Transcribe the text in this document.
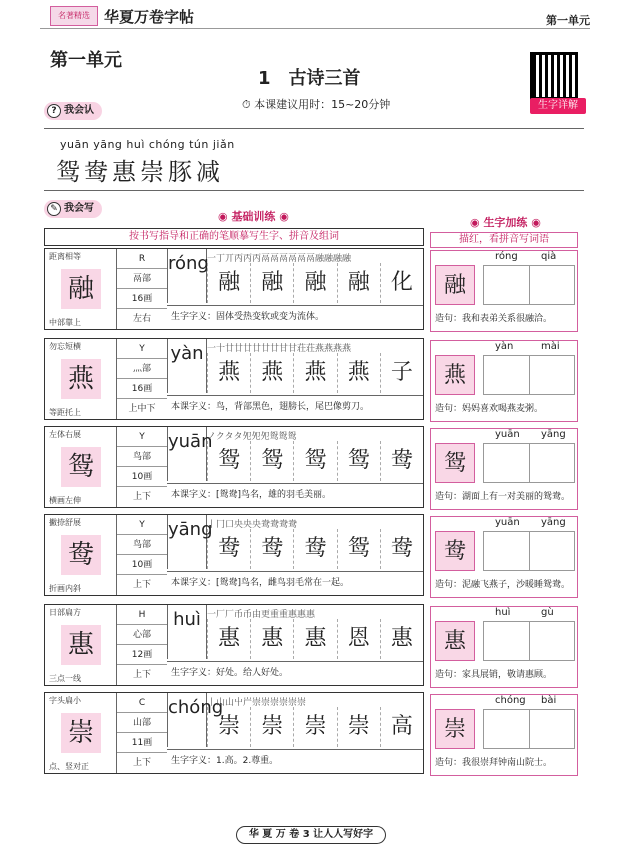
名著精选 华夏万卷字帖	第一单元
第一单元
1　古诗三首
⏱ 本课建议用时：15~20分钟	生字详解
? 我会认
yuān yāng huì chóng tún jiǎn
鸳鸯惠崇豚减
✎ 我会写
◉ 基础训练 ◉	◉ 生字加练 ◉
按书写指导和正确的笔顺摹写生字、拼音及组词	描红，看拼音写词语
距离相等
融
中部靠上
R
鬲部
16画
左右
róng
一丁丌丙丙丙鬲鬲鬲鬲鬲鬲融融融融
融 融 融 融 化
生字字义：固体受热变软或变为流体。
融
róng qià
造句：我和表弟关系很融洽。
勿忘短横
燕
等距托上
Y
灬部
16画
上中下
yàn 一十廿廿廿廿廿廿甘甘荘荘燕燕燕燕
燕 燕 燕 燕 子
本课字义：鸟，背部黑色，翅膀长，尾巴像剪刀。
燕
yàn	mài
造句：妈妈喜欢喝燕麦粥。
左体右展
鸳
横画左伸
Y
鸟部
10画
上下
yuān
ノクタタ夗夗夗鸳鸳鸳
鸳 鸳 鸳 鸳 鸯
本课字义：[鸳鸯]鸟名，雄的羽毛美丽。
鸳
yuān yāng
造句：湖面上有一对美丽的鸳鸯。
撇捺舒展
鸯
折画内斜
Y
鸟部
10画
上下
yāng
丨冂口央央央鸯鸯鸯鸯
鸯 鸯 鸯 鸳 鸯
本课字义：[鸳鸯]鸟名，雌鸟羽毛常在一起。
鸯
yuān yāng
造句：泥融飞燕子，沙暖睡鸳鸯。
日部扁方
惠
三点一线
H
心部
12画
上下
huì 一厂厂币币由更重重惠惠惠
惠 惠 惠 恩 惠
生字字义：好处。给人好处。
惠
huì	gù
造句：家具展销，敬请惠顾。
字头扁小
崇
点、竖对正
C
山部
11画
上下
chóng
丨山山屮屵崇崇崇崇崇崇
崇 崇 崇 崇 高
生字字义：1.高。2.尊重。
崇
chóng bài
造句：我很崇拜钟南山院士。
华 夏 万 卷 3 让人人写好字
